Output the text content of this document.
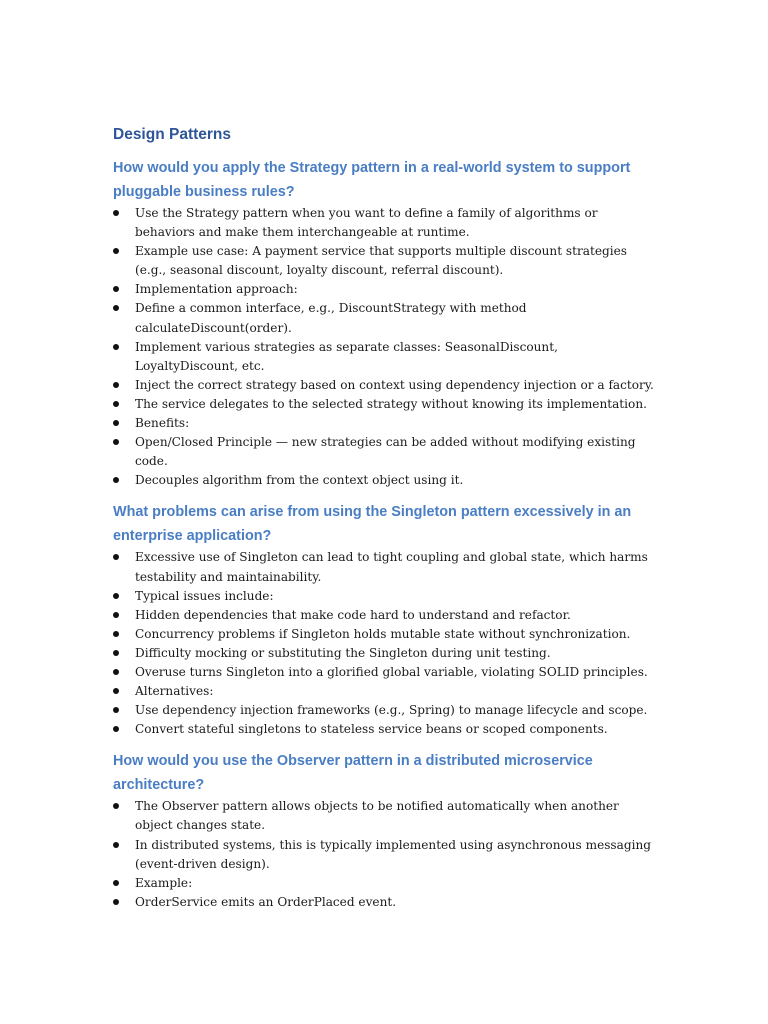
Design Patterns
How would you apply the Strategy pattern in a real-world system to support pluggable business rules?
Use the Strategy pattern when you want to define a family of algorithms or behaviors and make them interchangeable at runtime.
Example use case: A payment service that supports multiple discount strategies (e.g., seasonal discount, loyalty discount, referral discount).
Implementation approach:
Define a common interface, e.g., DiscountStrategy with method calculateDiscount(order).
Implement various strategies as separate classes: SeasonalDiscount, LoyaltyDiscount, etc.
Inject the correct strategy based on context using dependency injection or a factory.
The service delegates to the selected strategy without knowing its implementation.
Benefits:
Open/Closed Principle — new strategies can be added without modifying existing code.
Decouples algorithm from the context object using it.
What problems can arise from using the Singleton pattern excessively in an enterprise application?
Excessive use of Singleton can lead to tight coupling and global state, which harms testability and maintainability.
Typical issues include:
Hidden dependencies that make code hard to understand and refactor.
Concurrency problems if Singleton holds mutable state without synchronization.
Difficulty mocking or substituting the Singleton during unit testing.
Overuse turns Singleton into a glorified global variable, violating SOLID principles.
Alternatives:
Use dependency injection frameworks (e.g., Spring) to manage lifecycle and scope.
Convert stateful singletons to stateless service beans or scoped components.
How would you use the Observer pattern in a distributed microservice architecture?
The Observer pattern allows objects to be notified automatically when another object changes state.
In distributed systems, this is typically implemented using asynchronous messaging (event-driven design).
Example:
OrderService emits an OrderPlaced event.
